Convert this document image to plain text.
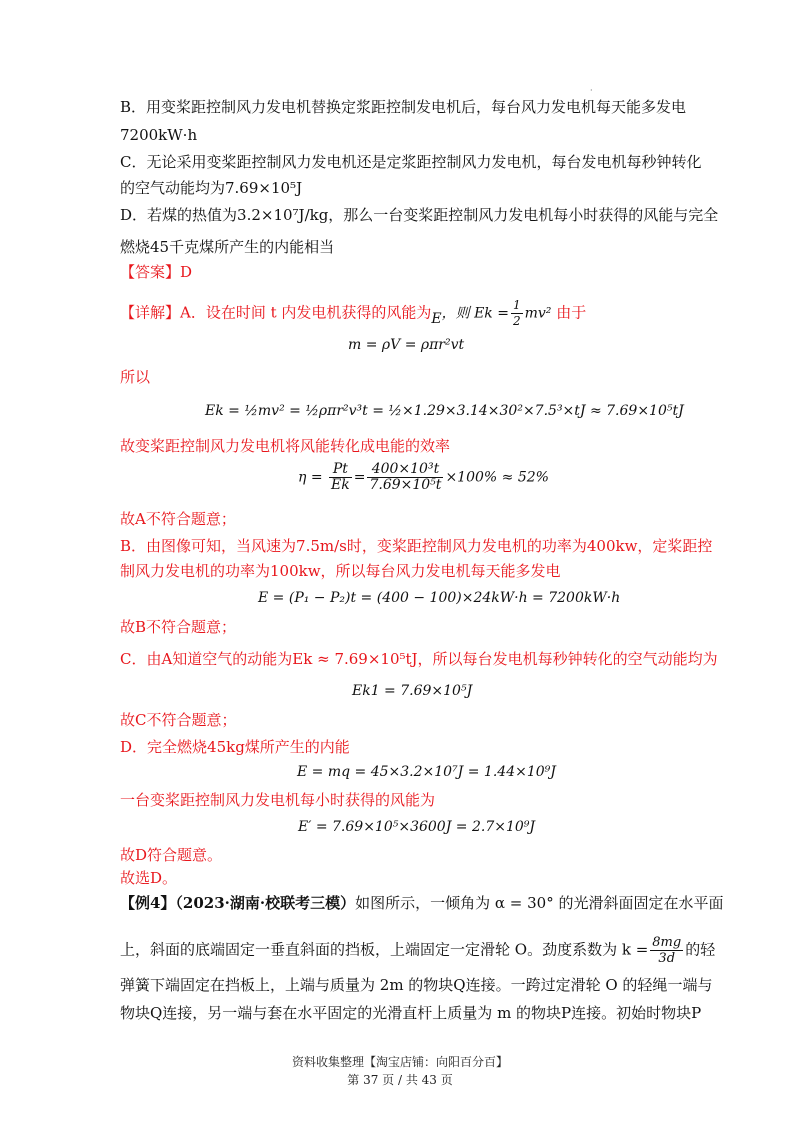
·
B．用变桨距控制风力发电机替换定浆距控制发电机后，每台风力发电机每天能多发电
7200kW·h
C．无论采用变桨距控制风力发电机还是定浆距控制风力发电机，每台发电机每秒钟转化
的空气动能均为7.69×10⁵J
D．若煤的热值为3.2×10⁷J/kg，那么一台变桨距控制风力发电机每小时获得的风能与完全
燃烧45千克煤所产生的内能相当
【答案】D
【详解】A．设在时间 t 内发电机获得的风能为E，则 $Ek = \frac{1}{2} mv^2$ 由于
m = ρV = ρπr²vt
所以
Ek = ½mv² = ½ρπr²v³t = ½×1.29×3.14×30²×7.5³×tJ ≈ 7.69×10⁵tJ
故变桨距控制风力发电机将风能转化成电能的效率
$\eta = \frac{Pt}{Ek} = \frac{\text{400×10³t}}{\text{7.69×10⁵t}} \times 100\% \approx 52\%$
故A不符合题意；
B．由图像可知，当风速为7.5m/s时，变桨距控制风力发电机的功率为400kw，定桨距控
制风力发电机的功率为100kw，所以每台风力发电机每天能多发电
E = (P₁ − P₂)t = (400 − 100)×24kW·h = 7200kW·h
故B不符合题意；
C．由A知道空气的动能为Ek ≈ 7.69×10⁵tJ，所以每台发电机每秒钟转化的空气动能均为
Ek1 = 7.69×10⁵J
故C不符合题意；
D．完全燃烧45kg煤所产生的内能
E = mq = 45×3.2×10⁷J = 1.44×10⁹J
一台变桨距控制风力发电机每小时获得的风能为
E′ = 7.69×10⁵×3600J = 2.7×10⁹J
故D符合题意。
故选D。
【例4】（2023·湖南·校联考三模）如图所示，一倾角为 α = 30° 的光滑斜面固定在水平面
上，斜面的底端固定一垂直斜面的挡板，上端固定一定滑轮 O。劲度系数为 $k = \frac{8mg}{3d}$ 的轻
弹簧下端固定在挡板上，上端与质量为 2m 的物块Q连接。一跨过定滑轮 O 的轻绳一端与
物块Q连接，另一端与套在水平固定的光滑直杆上质量为 m 的物块P连接。初始时物块P
资料收集整理【淘宝店铺：向阳百分百】
第 37 页 / 共 43 页
